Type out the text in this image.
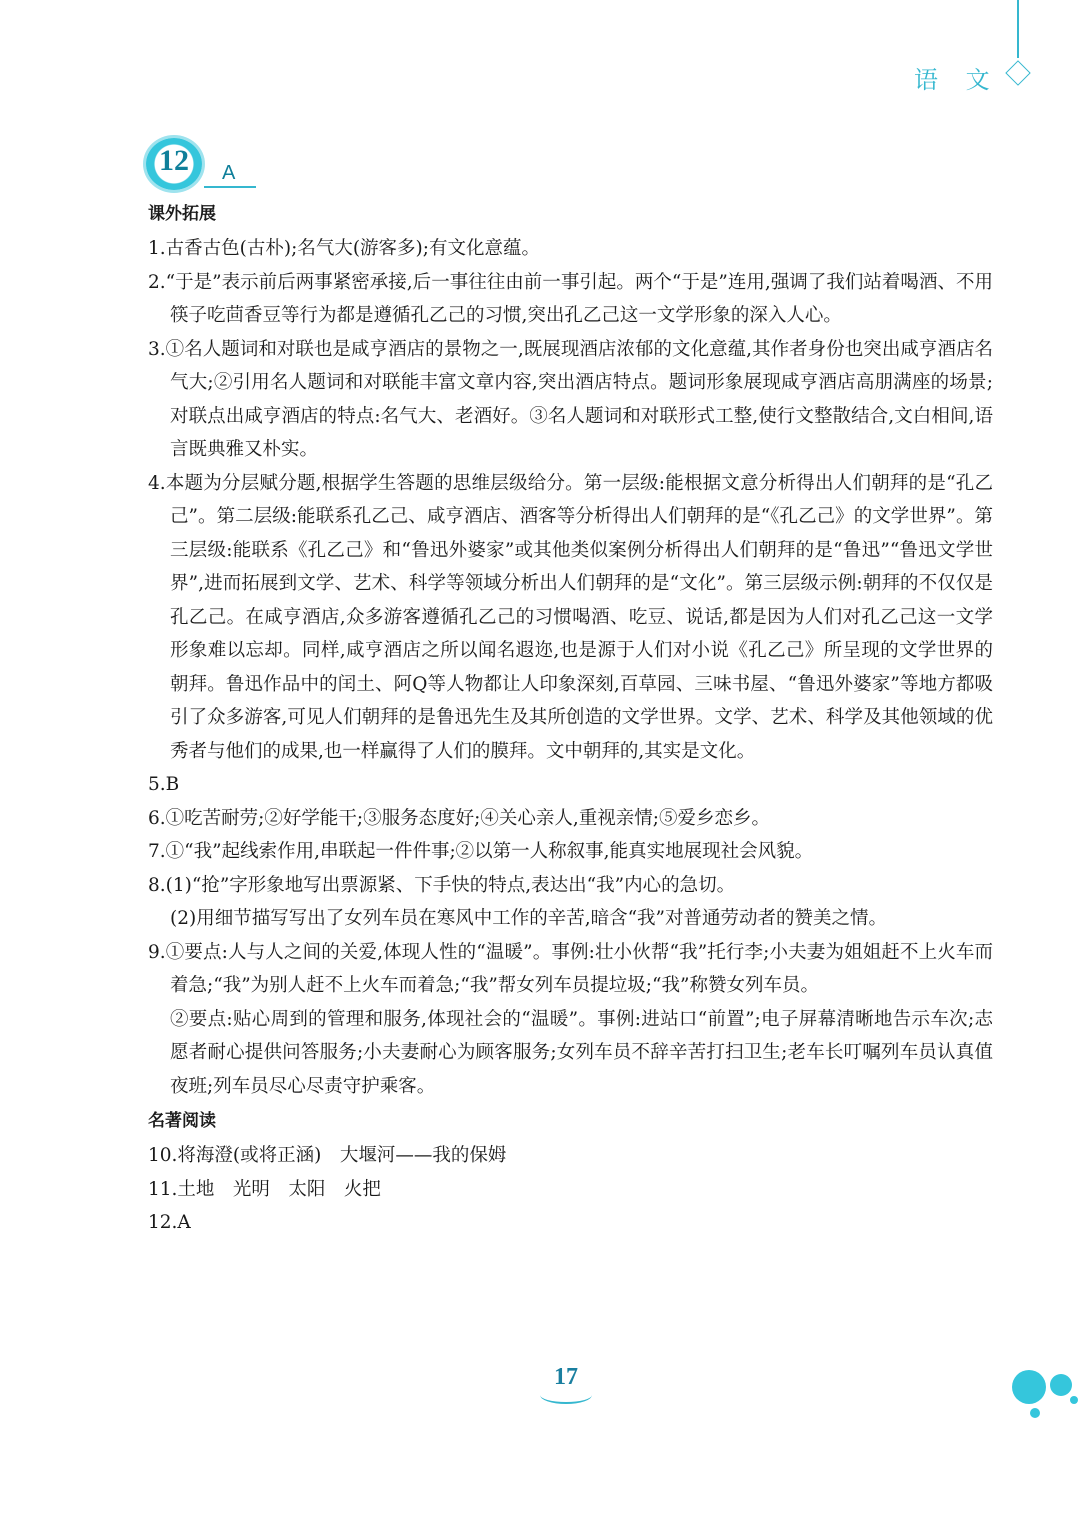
语 文
12	A
课外拓展
1.古香古色(古朴);名气大(游客多);有文化意蕴。
2.“于是”表示前后两事紧密承接,后一事往往由前一事引起。两个“于是”连用,强调了我们站着喝酒、不用筷子吃茴香豆等行为都是遵循孔乙己的习惯,突出孔乙己这一文学形象的深入人心。
3.①名人题词和对联也是咸亨酒店的景物之一,既展现酒店浓郁的文化意蕴,其作者身份也突出咸亨酒店名气大;②引用名人题词和对联能丰富文章内容,突出酒店特点。题词形象展现咸亨酒店高朋满座的场景;对联点出咸亨酒店的特点:名气大、老酒好。③名人题词和对联形式工整,使行文整散结合,文白相间,语言既典雅又朴实。
4.本题为分层赋分题,根据学生答题的思维层级给分。第一层级:能根据文意分析得出人们朝拜的是“孔乙己”。第二层级:能联系孔乙己、咸亨酒店、酒客等分析得出人们朝拜的是“《孔乙己》的文学世界”。第三层级:能联系《孔乙己》和“鲁迅外婆家”或其他类似案例分析得出人们朝拜的是“鲁迅”“鲁迅文学世界”,进而拓展到文学、艺术、科学等领域分析出人们朝拜的是“文化”。第三层级示例:朝拜的不仅仅是孔乙己。在咸亨酒店,众多游客遵循孔乙己的习惯喝酒、吃豆、说话,都是因为人们对孔乙己这一文学形象难以忘却。同样,咸亨酒店之所以闻名遐迩,也是源于人们对小说《孔乙己》所呈现的文学世界的朝拜。鲁迅作品中的闰土、阿Q等人物都让人印象深刻,百草园、三味书屋、“鲁迅外婆家”等地方都吸引了众多游客,可见人们朝拜的是鲁迅先生及其所创造的文学世界。文学、艺术、科学及其他领域的优秀者与他们的成果,也一样赢得了人们的膜拜。文中朝拜的,其实是文化。
5.B
6.①吃苦耐劳;②好学能干;③服务态度好;④关心亲人,重视亲情;⑤爱乡恋乡。
7.①“我”起线索作用,串联起一件件事;②以第一人称叙事,能真实地展现社会风貌。
8.(1)“抢”字形象地写出票源紧、下手快的特点,表达出“我”内心的急切。
(2)用细节描写写出了女列车员在寒风中工作的辛苦,暗含“我”对普通劳动者的赞美之情。
9.①要点:人与人之间的关爱,体现人性的“温暖”。事例:壮小伙帮“我”托行李;小夫妻为姐姐赶不上火车而着急;“我”为别人赶不上火车而着急;“我”帮女列车员提垃圾;“我”称赞女列车员。
②要点:贴心周到的管理和服务,体现社会的“温暖”。事例:进站口“前置”;电子屏幕清晰地告示车次;志愿者耐心提供问答服务;小夫妻耐心为顾客服务;女列车员不辞辛苦打扫卫生;老车长叮嘱列车员认真值夜班;列车员尽心尽责守护乘客。
名著阅读
10.将海澄(或将正涵)　大堰河——我的保姆
11.土地　光明　太阳　火把
12.A
17
